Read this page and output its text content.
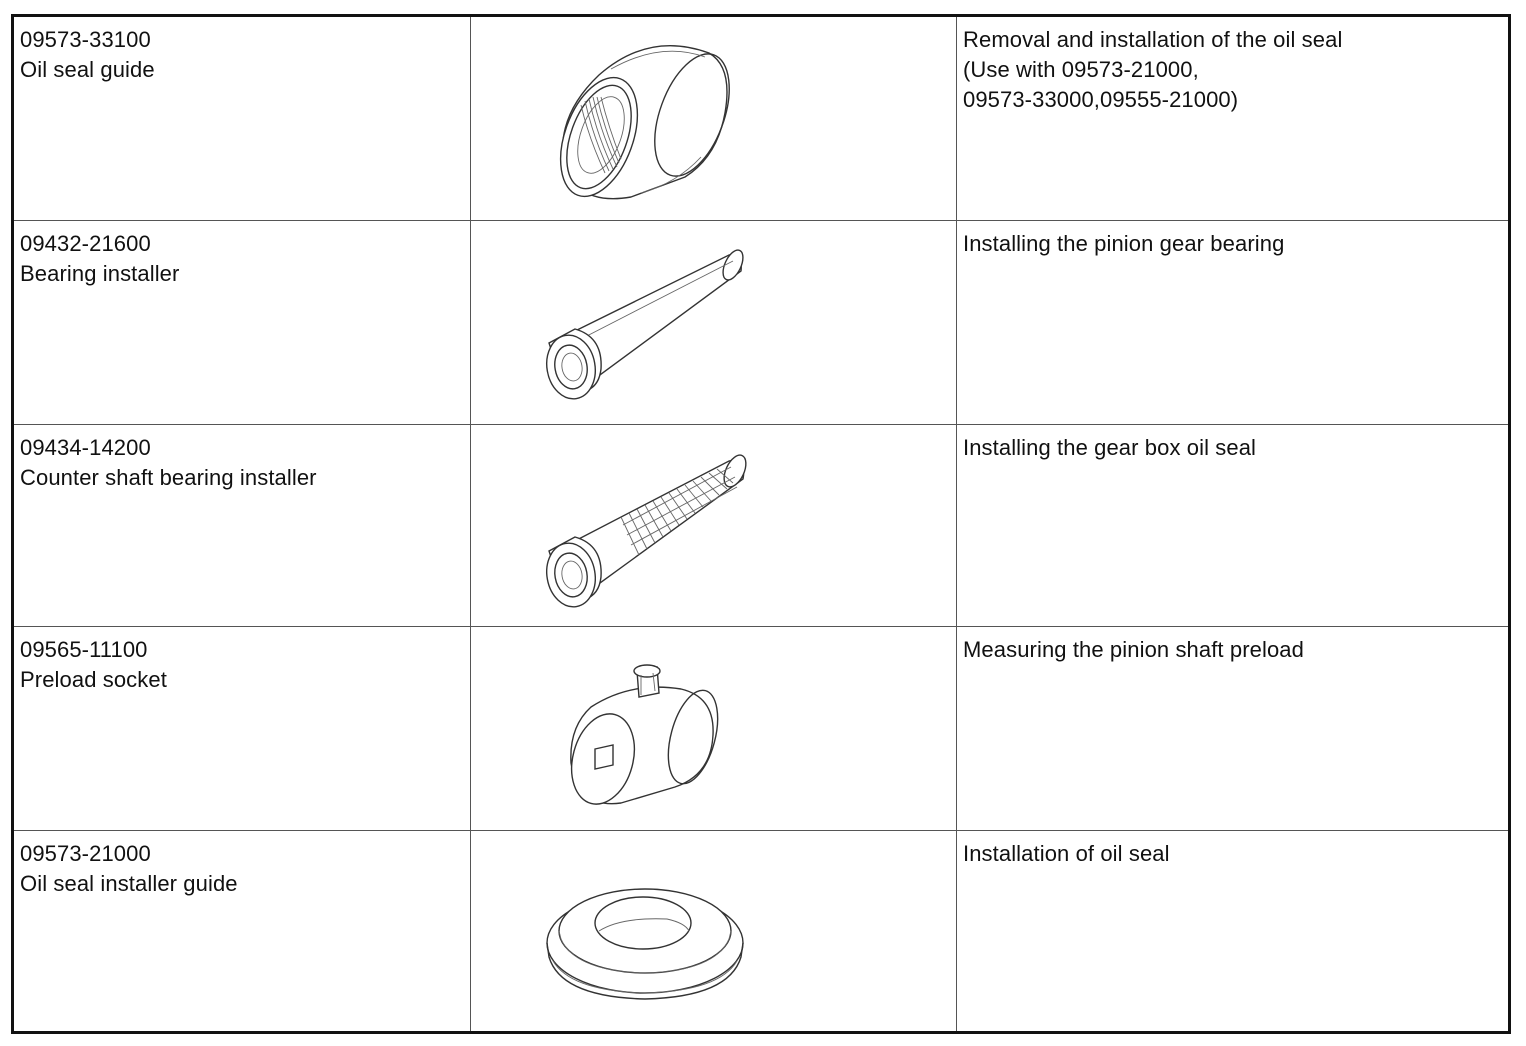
09573-33100
Oil seal guide
Removal and installation of the oil seal
(Use with 09573-21000,
09573-33000,09555-21000)
09432-21600
Bearing installer
Installing the pinion gear bearing
09434-14200
Counter shaft bearing installer
Installing the gear box oil seal
09565-11100
Preload socket
Measuring the pinion shaft preload
09573-21000
Oil seal installer guide
Installation of oil seal
